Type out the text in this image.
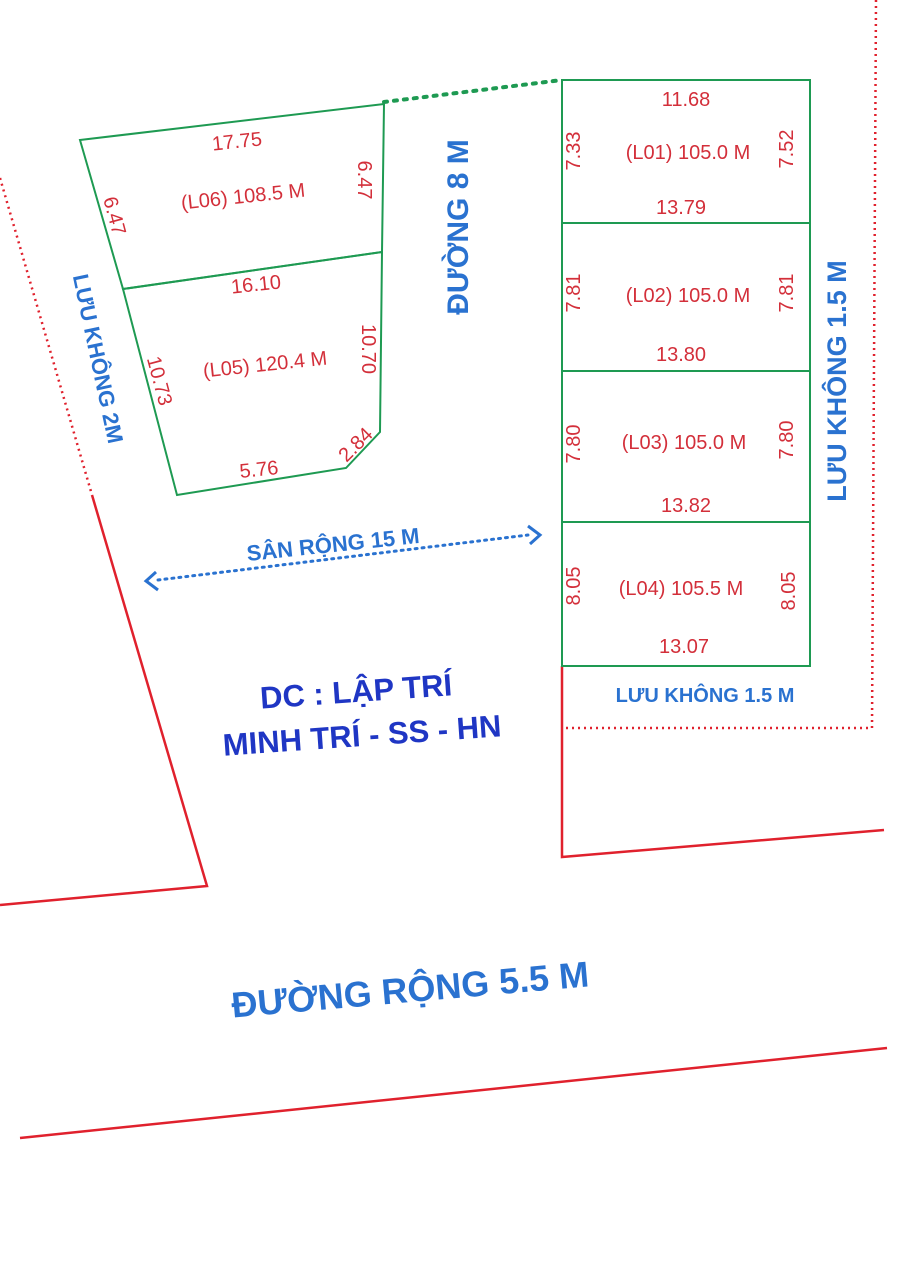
17.75
(L06) 108.5 M
6.47
6.47
16.10
(L05) 120.4 M
10.73
10.70
5.76
2.84
11.68
(L01) 105.0 M
13.79
7.33	7.52
(L02) 105.0 M
13.80
7.81	7.81
(L03) 105.0 M
13.82
7.80	7.80
(L04) 105.5 M
13.07
8.05	8.05
ĐƯỜNG 8 M
LƯU KHÔNG 2M	LƯU KHÔNG 1.5 M
LƯU KHÔNG 1.5 M
SÂN RỘNG 15 M
DC : LẬP TRÍ
MINH TRÍ - SS - HN
ĐƯỜNG RỘNG 5.5 M
